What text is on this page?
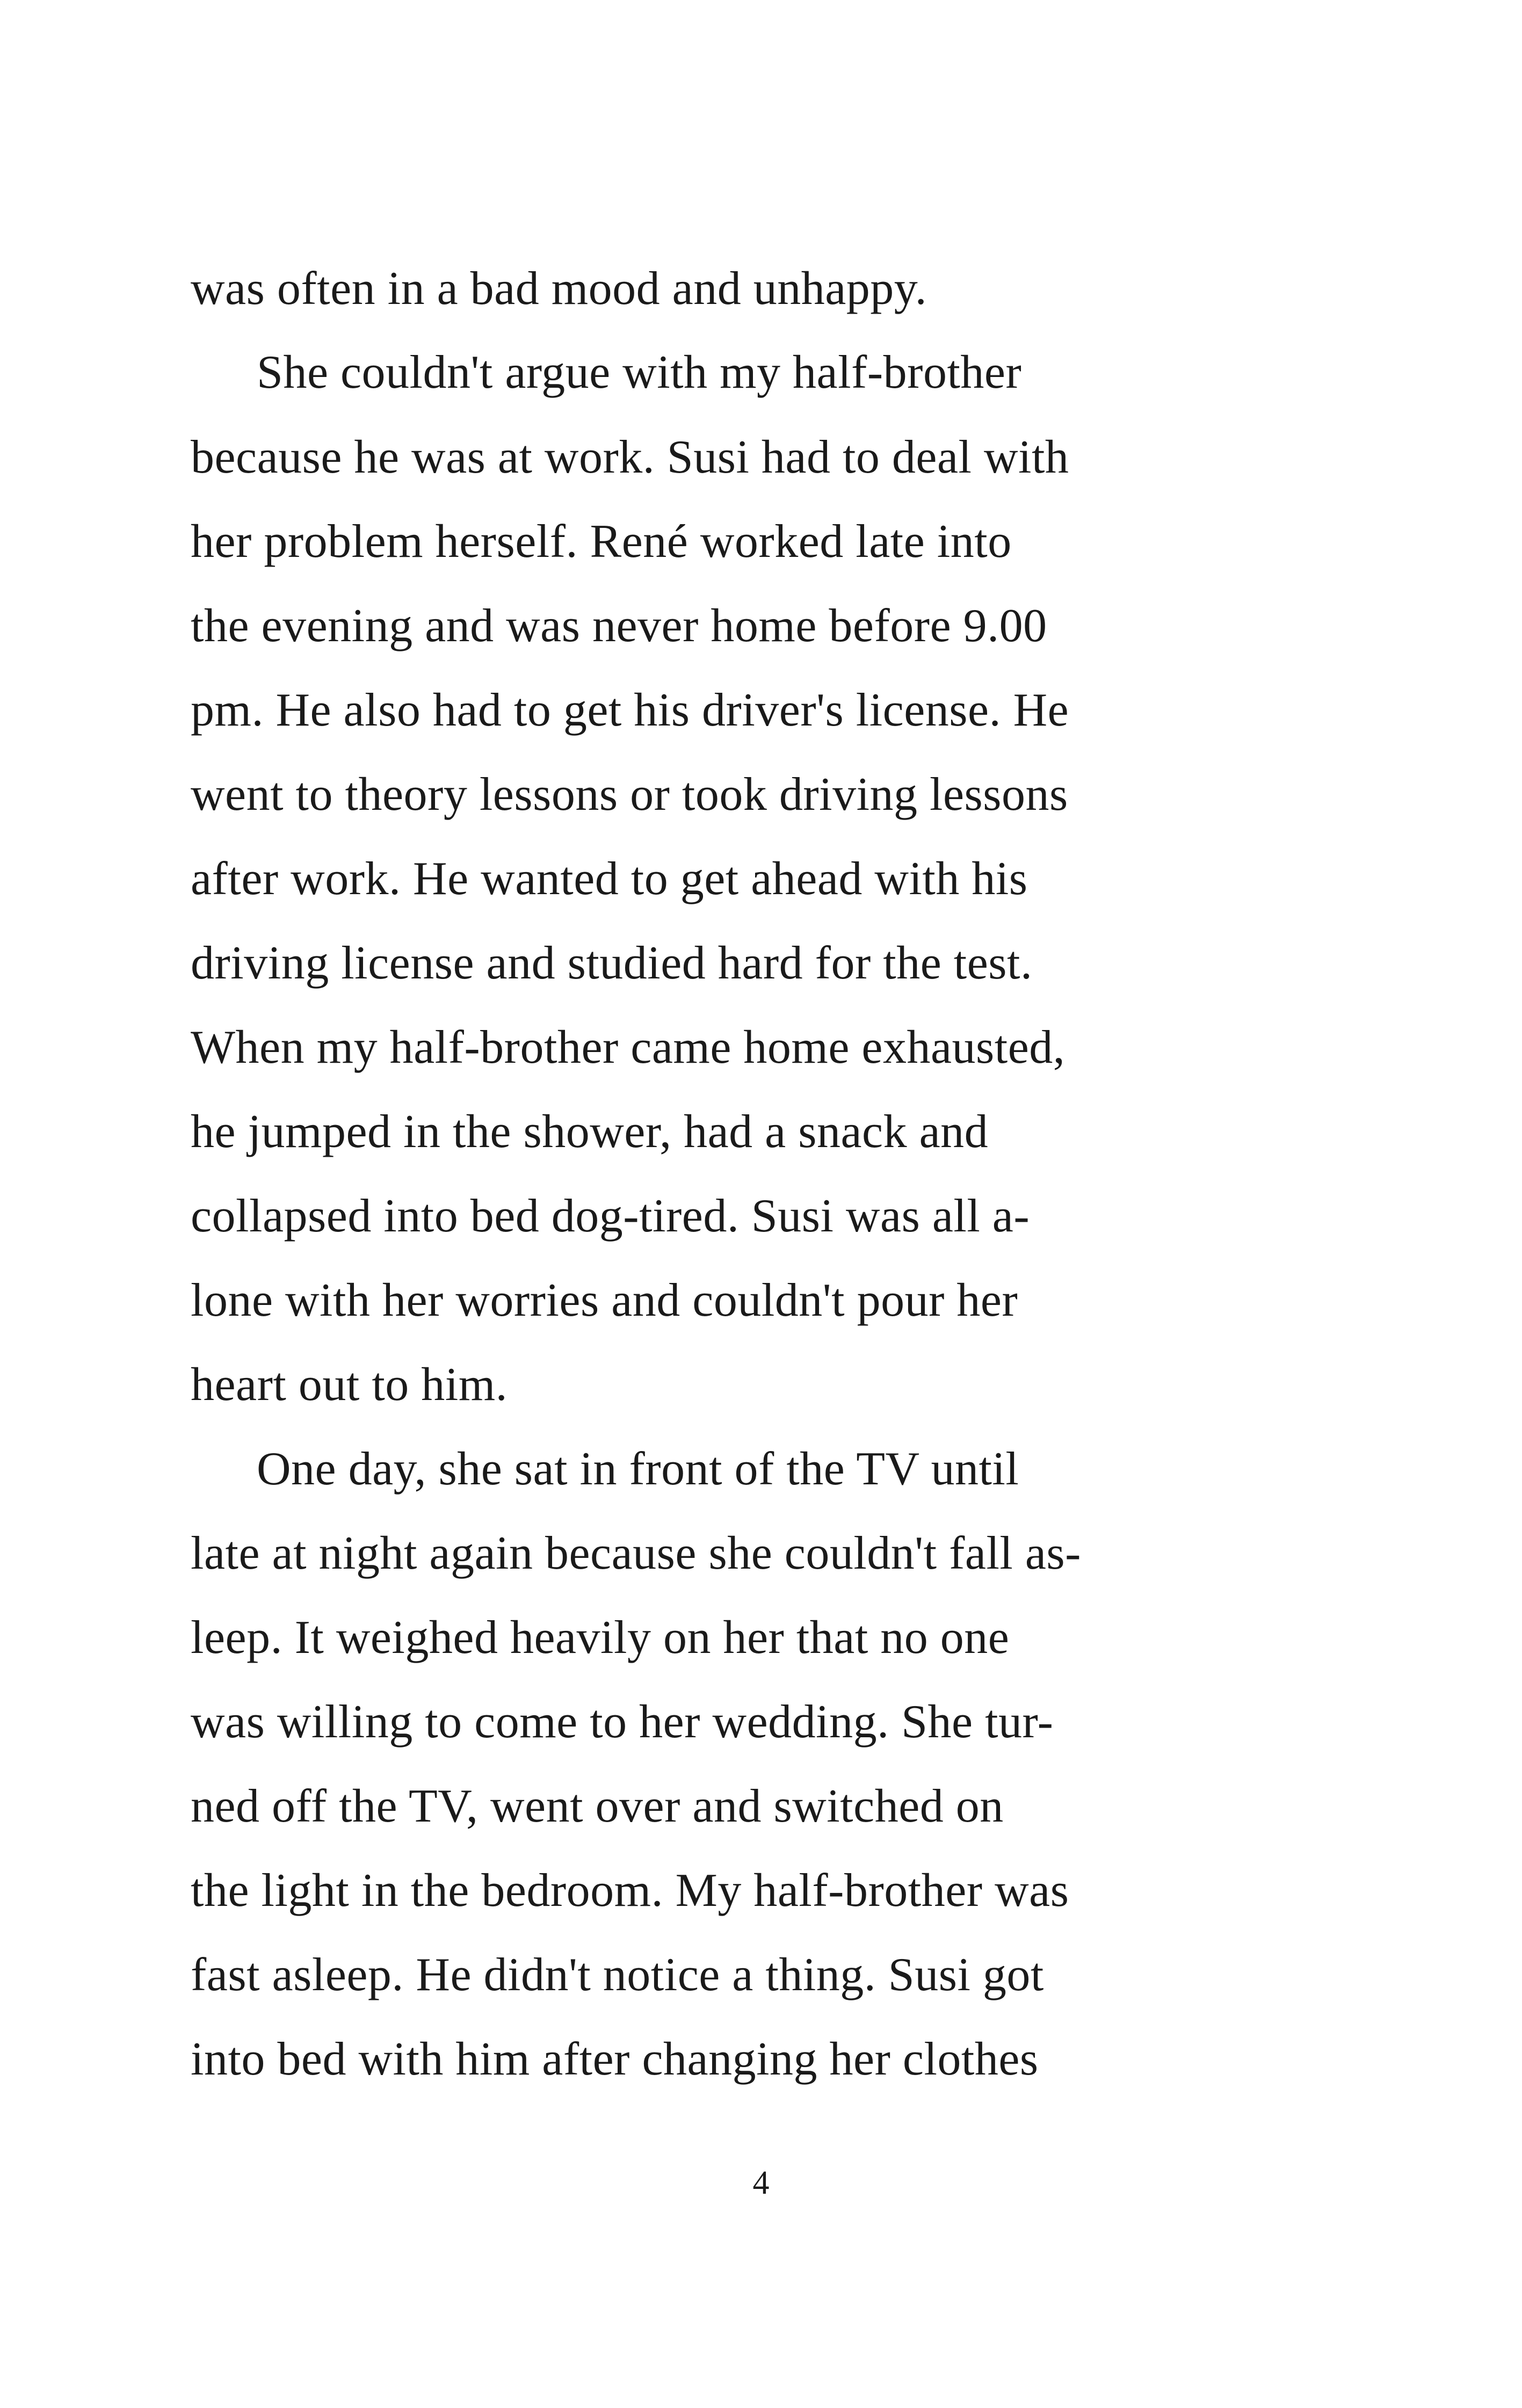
was often in a bad mood and unhappy.
She couldn't argue with my half-brother
because he was at work. Susi had to deal with
her problem herself. René worked late into
the evening and was never home before 9.00
pm. He also had to get his driver's license. He
went to theory lessons or took driving lessons
after work. He wanted to get ahead with his
driving license and studied hard for the test.
When my half-brother came home exhausted,
he jumped in the shower, had a snack and
collapsed into bed dog-tired. Susi was all a-
lone with her worries and couldn't pour her
heart out to him.
One day, she sat in front of the TV until
late at night again because she couldn't fall as-
leep. It weighed heavily on her that no one
was willing to come to her wedding. She tur-
ned off the TV, went over and switched on
the light in the bedroom. My half-brother was
fast asleep. He didn't notice a thing. Susi got
into bed with him after changing her clothes
4
